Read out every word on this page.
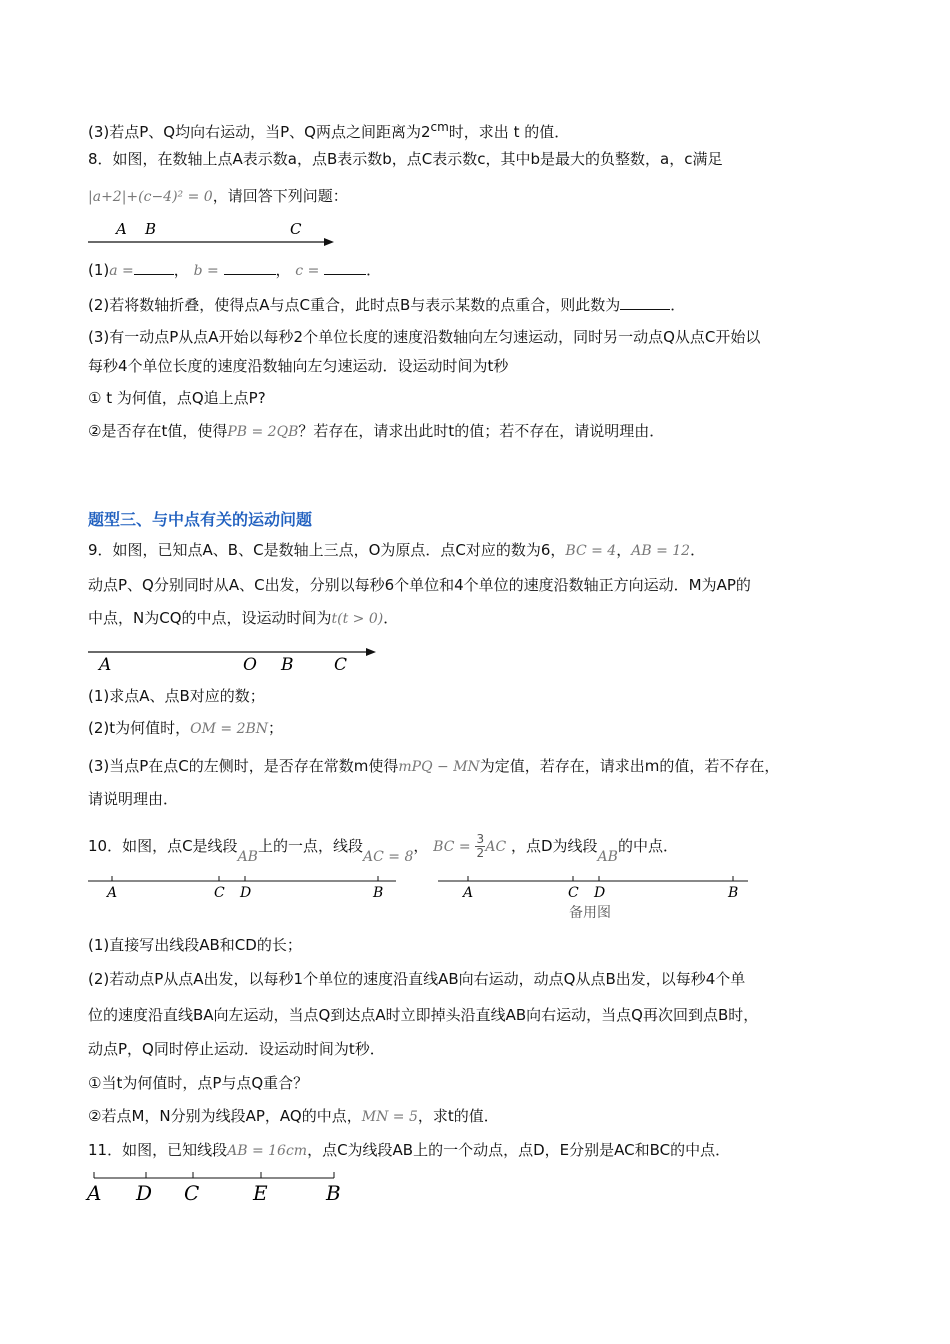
(3)若点P、Q均向右运动，当P、Q两点之间距离为$2^{cm}$时，求出 t 的值．
8．如图，在数轴上点A表示数a，点B表示数b，点C表示数c，其中b是最大的负整数，a，c满足
|a+2|+(c−4)² = 0，请回答下列问题：
A B	C
(1)a =	， b =	， c =	．
(2)若将数轴折叠，使得点A与点C重合，此时点B与表示某数的点重合，则此数为	．
(3)有一动点P从点A开始以每秒2个单位长度的速度沿数轴向左匀速运动，同时另一动点Q从点C开始以
每秒4个单位长度的速度沿数轴向左匀速运动．设运动时间为t秒
① t 为何值，点Q追上点P?
②是否存在t值，使得PB = 2QB？若存在，请求出此时t的值；若不存在，请说明理由．
题型三、与中点有关的运动问题
9．如图，已知点A、B、C是数轴上三点，O为原点．点C对应的数为6，BC = 4，AB = 12．
动点P、Q分别同时从A、C出发，分别以每秒6个单位和4个单位的速度沿数轴正方向运动．M为AP的
中点，N为CQ的中点，设运动时间为t(t > 0)．
A	O B C
(1)求点A、点B对应的数；
(2)t为何值时，OM = 2BN；
(3)当点P在点C的左侧时，是否存在常数m使得mPQ − MN为定值，若存在，请求出m的值，若不存在，
请说明理由．
10．如图，点C是线段AB上的一点，线段AC = 8， BC = $\frac{3}{2}$ AC ，点D为线段AB的中点．
A	C D	B	A	C D	B
备用图
(1)直接写出线段AB和CD的长；
(2)若动点P从点A出发，以每秒1个单位的速度沿直线AB向右运动，动点Q从点B出发，以每秒4个单
位的速度沿直线BA向左运动，当点Q到达点A时立即掉头沿直线AB向右运动，当点Q再次回到点B时，
动点P，Q同时停止运动．设运动时间为t秒．
①当t为何值时，点P与点Q重合？
②若点M，N分别为线段AP，AQ的中点，MN = 5，求t的值．
11．如图，已知线段AB = 16cm，点C为线段AB上的一个动点，点D，E分别是AC和BC的中点．
A D C	E	B
